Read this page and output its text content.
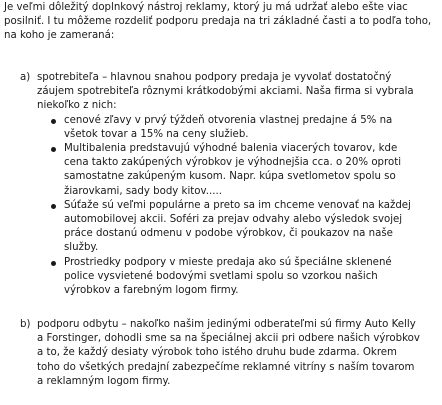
Je veľmi dôležitý doplnkový nástroj reklamy, ktorý ju má udržať alebo ešte viac posilniť. I tu môžeme rozdeliť podporu predaja na tri základné časti a to podľa toho, na koho je zameraná:

a) spotrebiteľa – hlavnou snahou podpory predaja je vyvolať dostatočný záujem spotrebiteľa rôznymi krátkodobými akciami. Naša firma si vybrala niekoľko z nich:

cenové zľavy v prvý týždeň otvorenia vlastnej predajne á 5% na všetok tovar a 15% na ceny služieb.
Multibalenia predstavujú výhodné balenia viacerých tovarov, kde cena takto zakúpených výrobkov je výhodnejšia cca. o 20% oproti samostatne zakúpeným kusom. Napr. kúpa svetlometov spolu so žiarovkami, sady body kitov.....
Súťaže sú veľmi populárne a preto sa im chceme venovať na každej automobilovej akcii. Soféri za prejav odvahy alebo výsledok svojej práce dostanú odmenu v podobe výrobkov, či poukazov na naše služby.
Prostriedky podpory v mieste predaja ako sú špeciálne sklenené police vysvietené bodovými svetlami spolu so vzorkou našich výrobkov a farebným logom firmy.
b) podporu odbytu – nakoľko našim jedinými odberateľmi sú firmy Auto Kelly a Forstinger, dohodli sme sa na špeciálnej akcii pri odbere našich výrobkov a to, že každý desiaty výrobok toho istého druhu bude zdarma. Okrem toho do všetkých predajní zabezpečíme reklamné vitríny s naším tovarom a reklamným logom firmy.
